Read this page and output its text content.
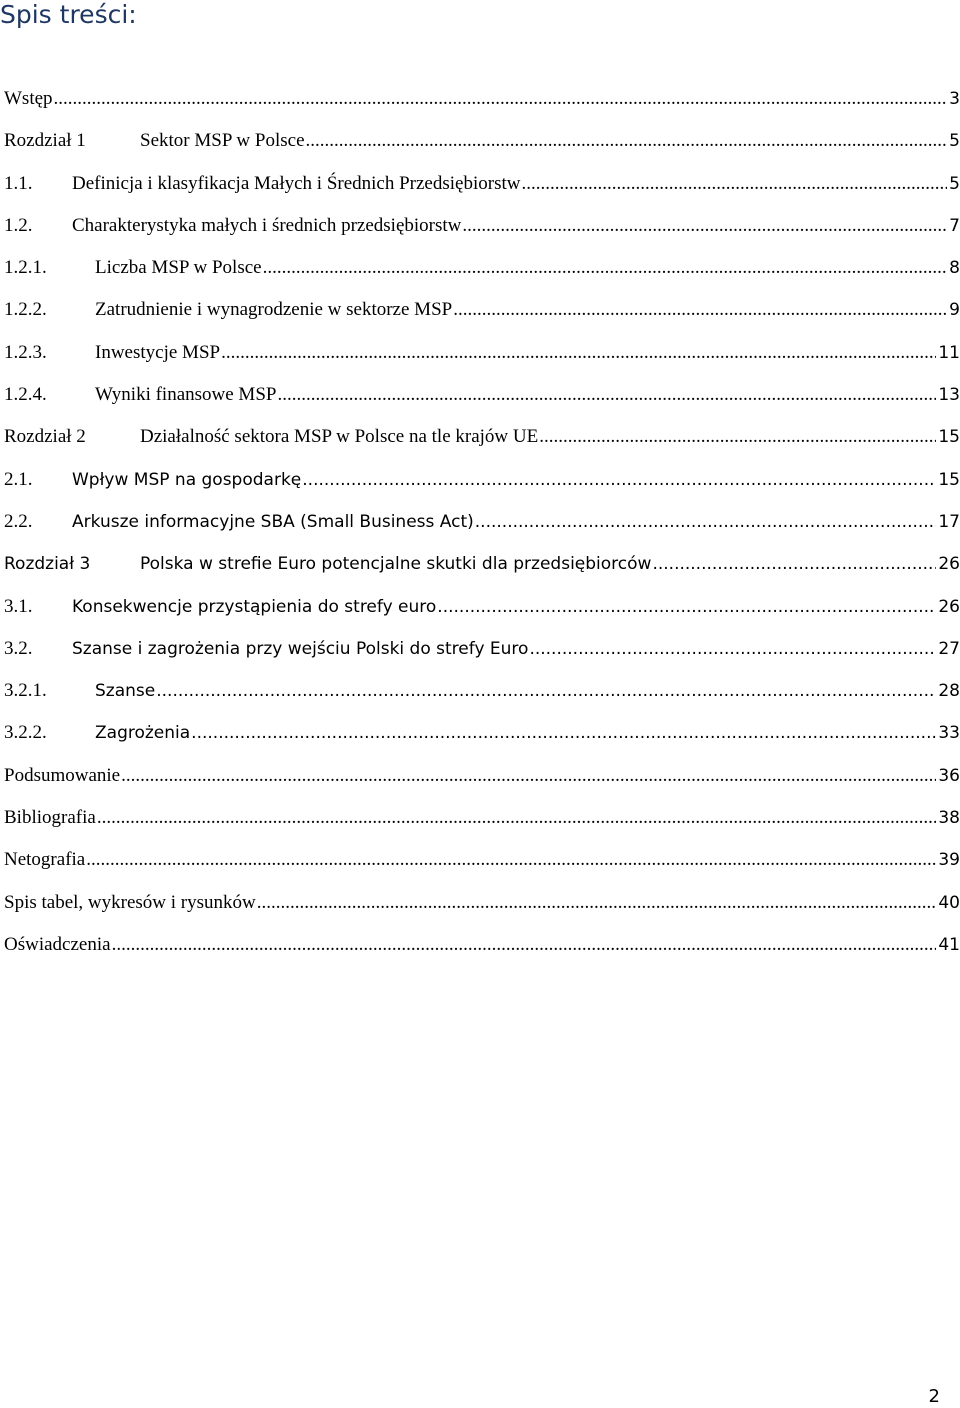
Spis treści:
Wstęp .....	3
Rozdział 1	Sektor MSP w Polsce .....	5
1.1. Definicja i klasyfikacja Małych i Średnich Przedsiębiorstw .....	5
1.2. Charakterystyka małych i średnich przedsiębiorstw .....	7
1.2.1.	Liczba MSP w Polsce .....	8
1.2.2.	Zatrudnienie i wynagrodzenie w sektorze MSP .....	9
1.2.3.	Inwestycje MSP .....	11
1.2.4.	Wyniki finansowe MSP .....	13
Rozdział 2	Działalność sektora MSP w Polsce na tle krajów UE .....	15
2.1. Wpływ MSP na gospodarkę .....	15
2.2. Arkusze informacyjne SBA (Small Business Act) .....	17
Rozdział 3	Polska w strefie Euro potencjalne skutki dla przedsiębiorców .....	26
3.1. Konsekwencje przystąpienia do strefy euro .....	26
3.2. Szanse i zagrożenia przy wejściu Polski do strefy Euro .....	27
3.2.1.	Szanse .....	28
3.2.2.	Zagrożenia .....	33
Podsumowanie .....	36
Bibliografia .....	38
Netografia .....	39
Spis tabel, wykresów i rysunków .....	40
Oświadczenia .....	41
2
